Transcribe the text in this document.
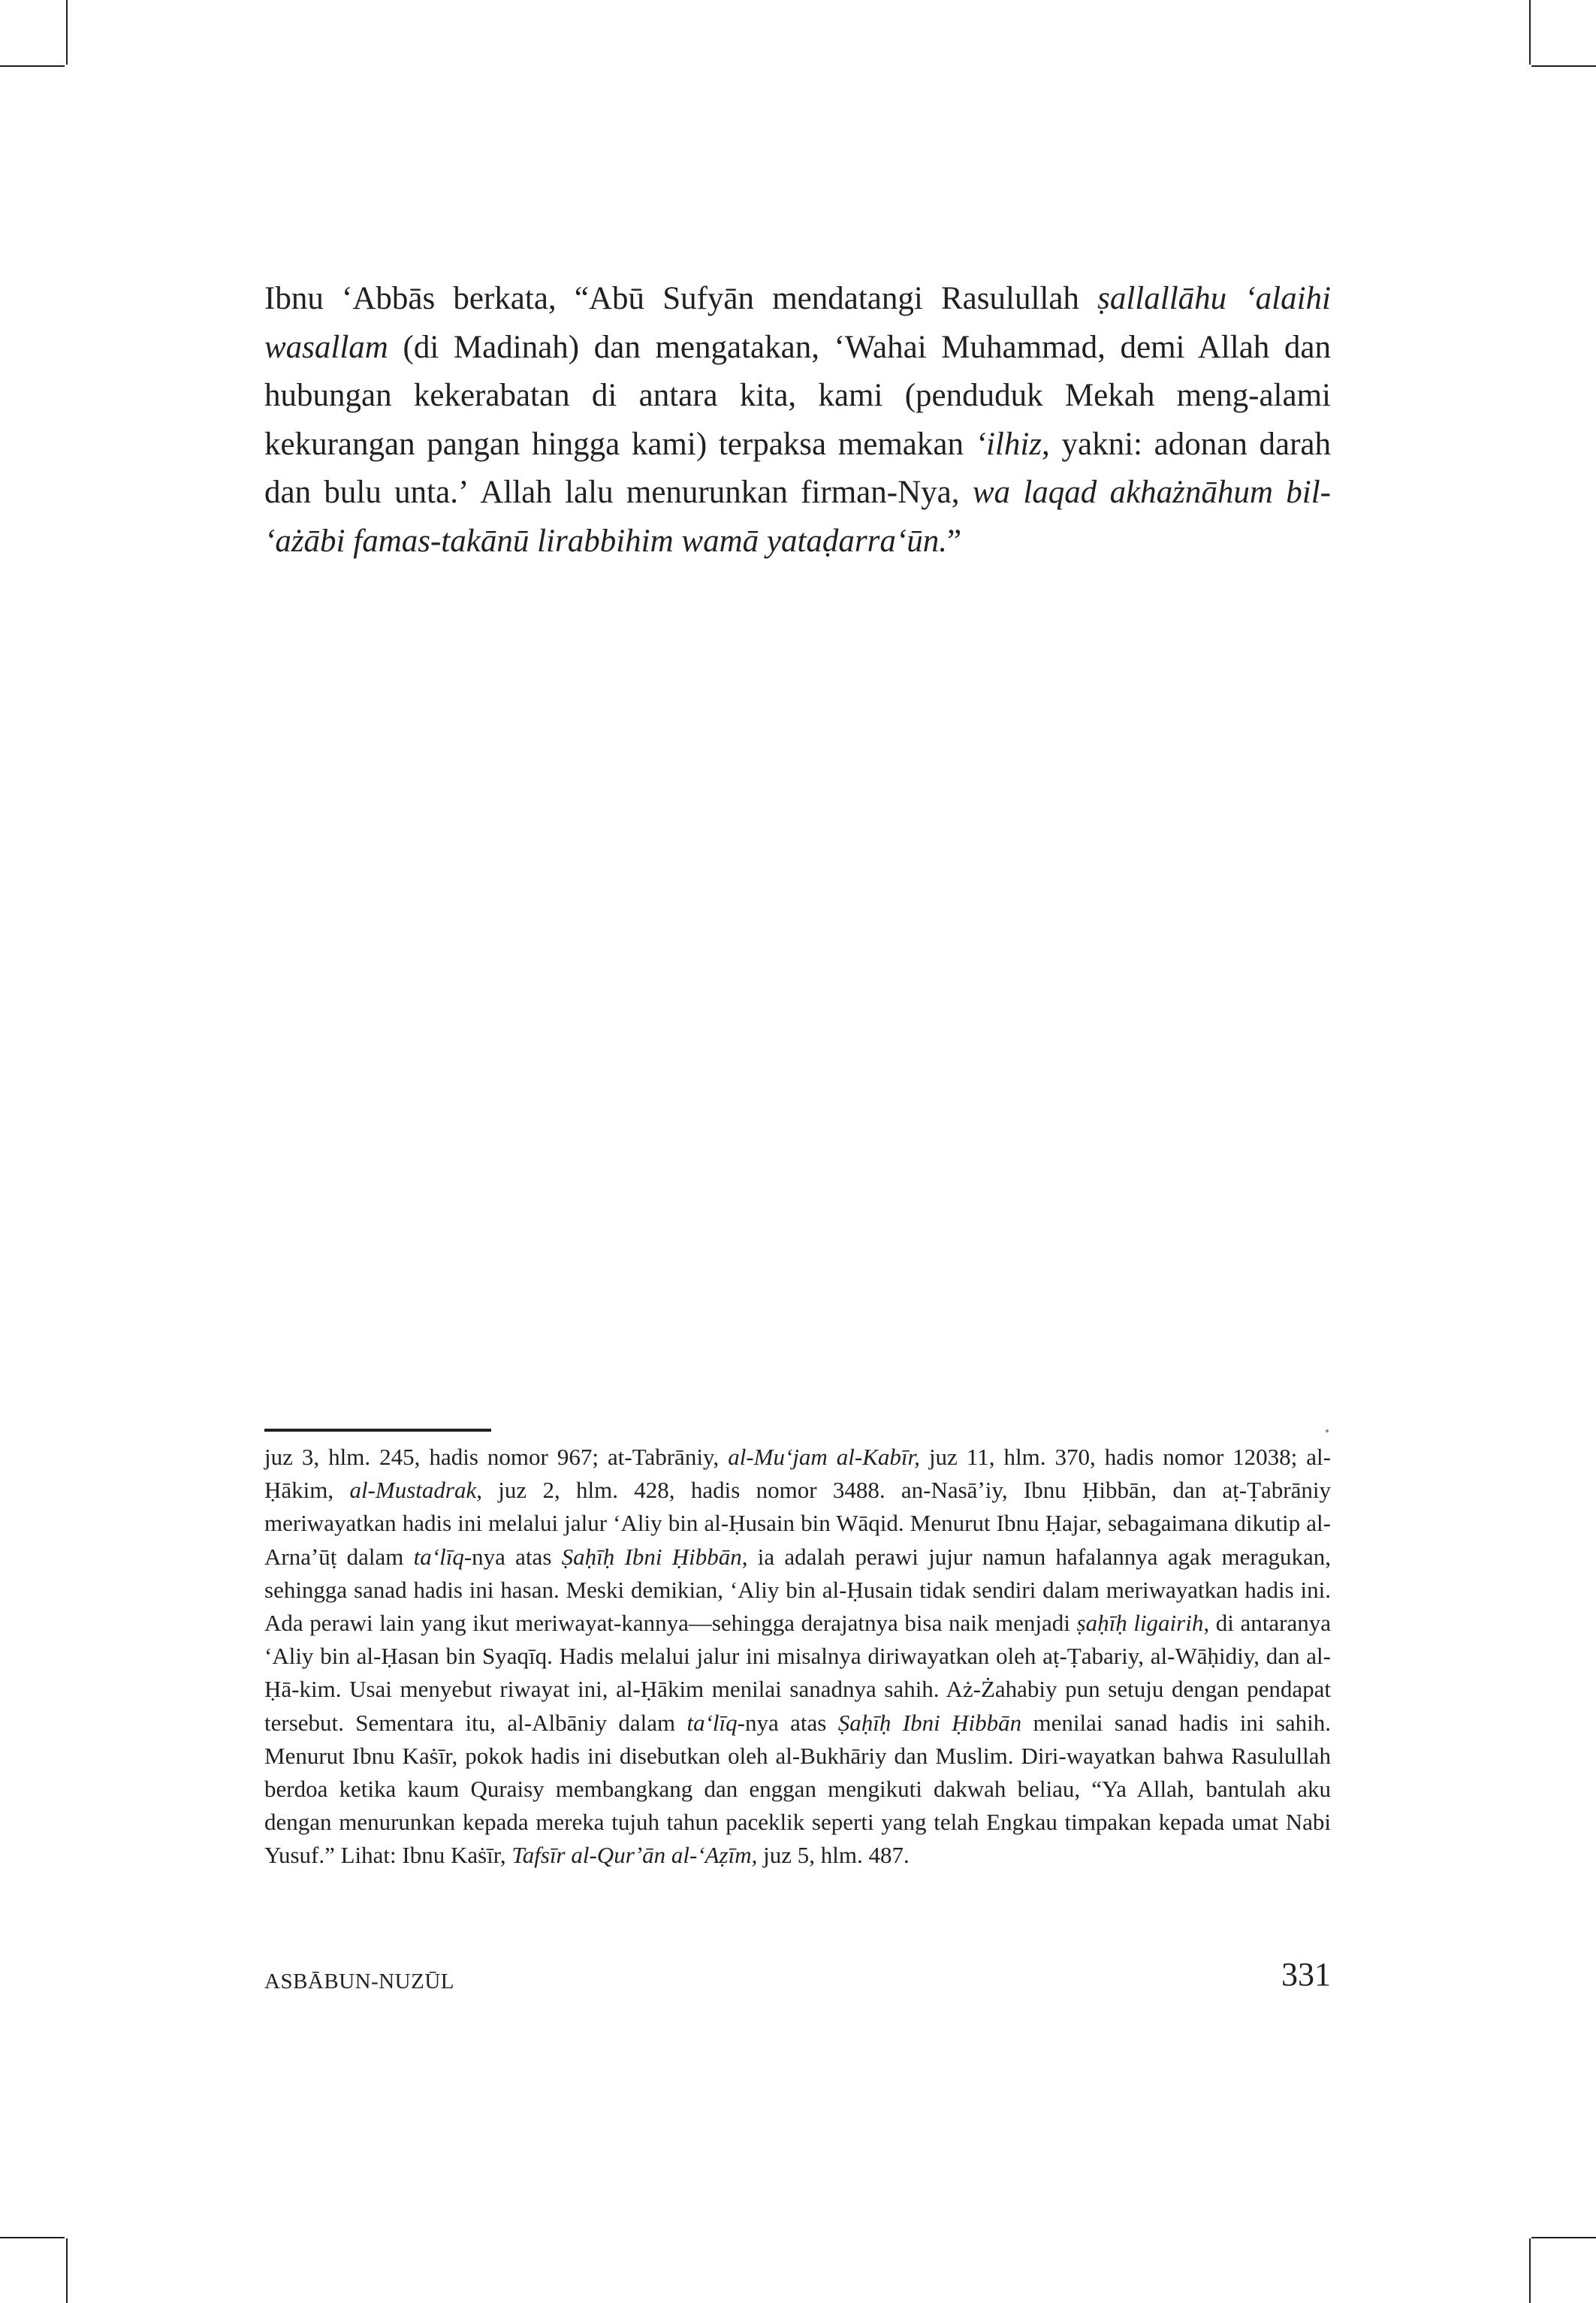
Ibnu ʻAbbās berkata, “Abū Sufyān mendatangi Rasulullah ṣallallāhu ʻalaihi wasallam (di Madinah) dan mengatakan, ʻWahai Muhammad, demi Allah dan hubungan kekerabatan di antara kita, kami (penduduk Mekah meng-alami kekurangan pangan hingga kami) terpaksa memakan ʻilhiz, yakni: adonan darah dan bulu unta.ʼ Allah lalu menurunkan firman-Nya, wa laqad akhażnāhum bil-ʻażābi famas-takānū lirabbihim wamā yataḍarraʻūn.”

juz 3, hlm. 245, hadis nomor 967; at-Tabrāniy, al-Muʻjam al-Kabīr, juz 11, hlm. 370, hadis nomor 12038; al-Ḥākim, al-Mustadrak, juz 2, hlm. 428, hadis nomor 3488. an-Nasāʼiy, Ibnu Ḥibbān, dan aṭ-Ṭabrāniy meriwayatkan hadis ini melalui jalur ʻAliy bin al-Ḥusain bin Wāqid. Menurut Ibnu Ḥajar, sebagaimana dikutip al-Arnaʼūṭ dalam taʻlīq-nya atas Ṣaḥīḥ Ibni Ḥibbān, ia adalah perawi jujur namun hafalannya agak meragukan, sehingga sanad hadis ini hasan. Meski demikian, ʻAliy bin al-Ḥusain tidak sendiri dalam meriwayatkan hadis ini. Ada perawi lain yang ikut meriwayat-kannya—sehingga derajatnya bisa naik menjadi ṣaḥīḥ ligairih, di antaranya ʻAliy bin al-Ḥasan bin Syaqīq. Hadis melalui jalur ini misalnya diriwayatkan oleh aṭ-Ṭabariy, al-Wāḥidiy, dan al-Ḥā-kim. Usai menyebut riwayat ini, al-Ḥākim menilai sanadnya sahih. Aż-Żahabiy pun setuju dengan pendapat tersebut. Sementara itu, al-Albāniy dalam taʻlīq-nya atas Ṣaḥīḥ Ibni Ḥibbān menilai sanad hadis ini sahih. Menurut Ibnu Kaṡīr, pokok hadis ini disebutkan oleh al-Bukhāriy dan Muslim. Diri-wayatkan bahwa Rasulullah berdoa ketika kaum Quraisy membangkang dan enggan mengikuti dakwah beliau, “Ya Allah, bantulah aku dengan menurunkan kepada mereka tujuh tahun paceklik seperti yang telah Engkau timpakan kepada umat Nabi Yusuf.” Lihat: Ibnu Kaṡīr, Tafsīr al-Qurʼān al-ʻAẓīm, juz 5, hlm. 487.

ASBĀBUN-NUZŪL	331
